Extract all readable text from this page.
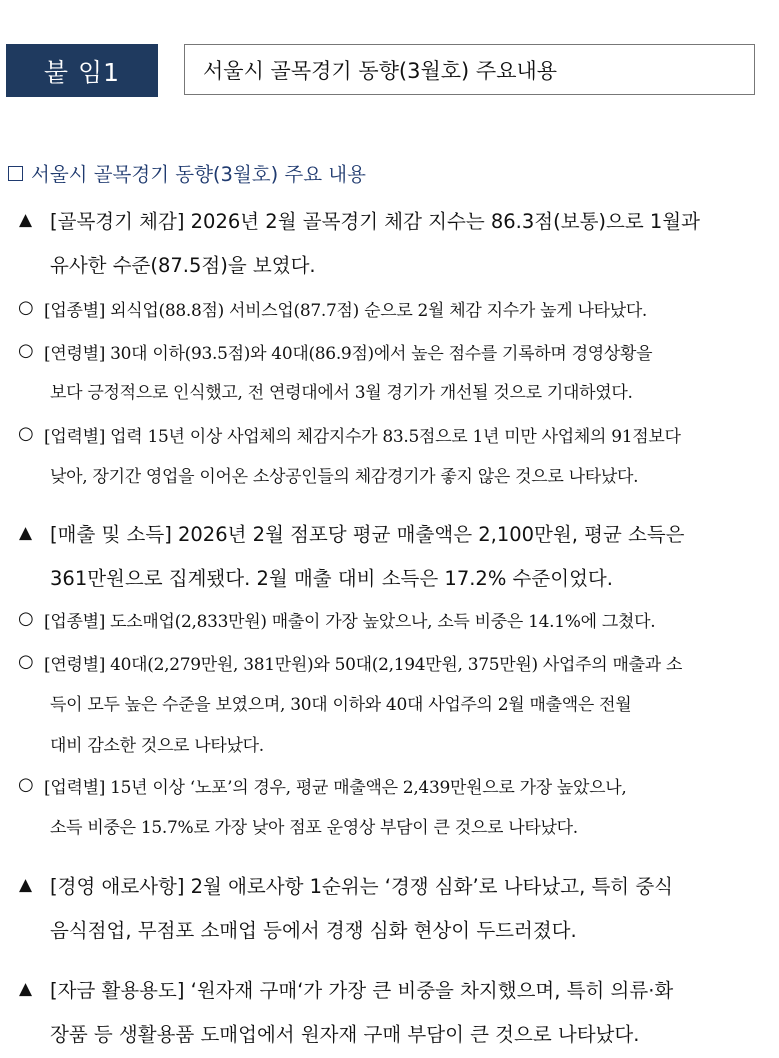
붙 임1	서울시 골목경기 동향(3월호) 주요내용
서울시 골목경기 동향(3월호) 주요 내용
▲ [골목경기 체감] 2026년 2월 골목경기 체감 지수는 86.3점(보통)으로 1월과
유사한 수준(87.5점)을 보였다.
○ [업종별] 외식업(88.8점) 서비스업(87.7점) 순으로 2월 체감 지수가 높게 나타났다.
○ [연령별] 30대 이하(93.5점)와 40대(86.9점)에서 높은 점수를 기록하며 경영상황을
보다 긍정적으로 인식했고, 전 연령대에서 3월 경기가 개선될 것으로 기대하였다.
○ [업력별] 업력 15년 이상 사업체의 체감지수가 83.5점으로 1년 미만 사업체의 91점보다
낮아, 장기간 영업을 이어온 소상공인들의 체감경기가 좋지 않은 것으로 나타났다.
▲ [매출 및 소득] 2026년 2월 점포당 평균 매출액은 2,100만원, 평균 소득은
361만원으로 집계됐다. 2월 매출 대비 소득은 17.2% 수준이었다.
○ [업종별] 도소매업(2,833만원) 매출이 가장 높았으나, 소득 비중은 14.1%에 그쳤다.
○ [연령별] 40대(2,279만원, 381만원)와 50대(2,194만원, 375만원) 사업주의 매출과 소
득이 모두 높은 수준을 보였으며, 30대 이하와 40대 사업주의 2월 매출액은 전월
대비 감소한 것으로 나타났다.
○ [업력별] 15년 이상 ‘노포’의 경우, 평균 매출액은 2,439만원으로 가장 높았으나,
소득 비중은 15.7%로 가장 낮아 점포 운영상 부담이 큰 것으로 나타났다.
▲ [경영 애로사항] 2월 애로사항 1순위는 ‘경쟁 심화’로 나타났고, 특히 중식
음식점업, 무점포 소매업 등에서 경쟁 심화 현상이 두드러졌다.
▲ [자금 활용용도] ‘원자재 구매‘가 가장 큰 비중을 차지했으며, 특히 의류·화
장품 등 생활용품 도매업에서 원자재 구매 부담이 큰 것으로 나타났다.
